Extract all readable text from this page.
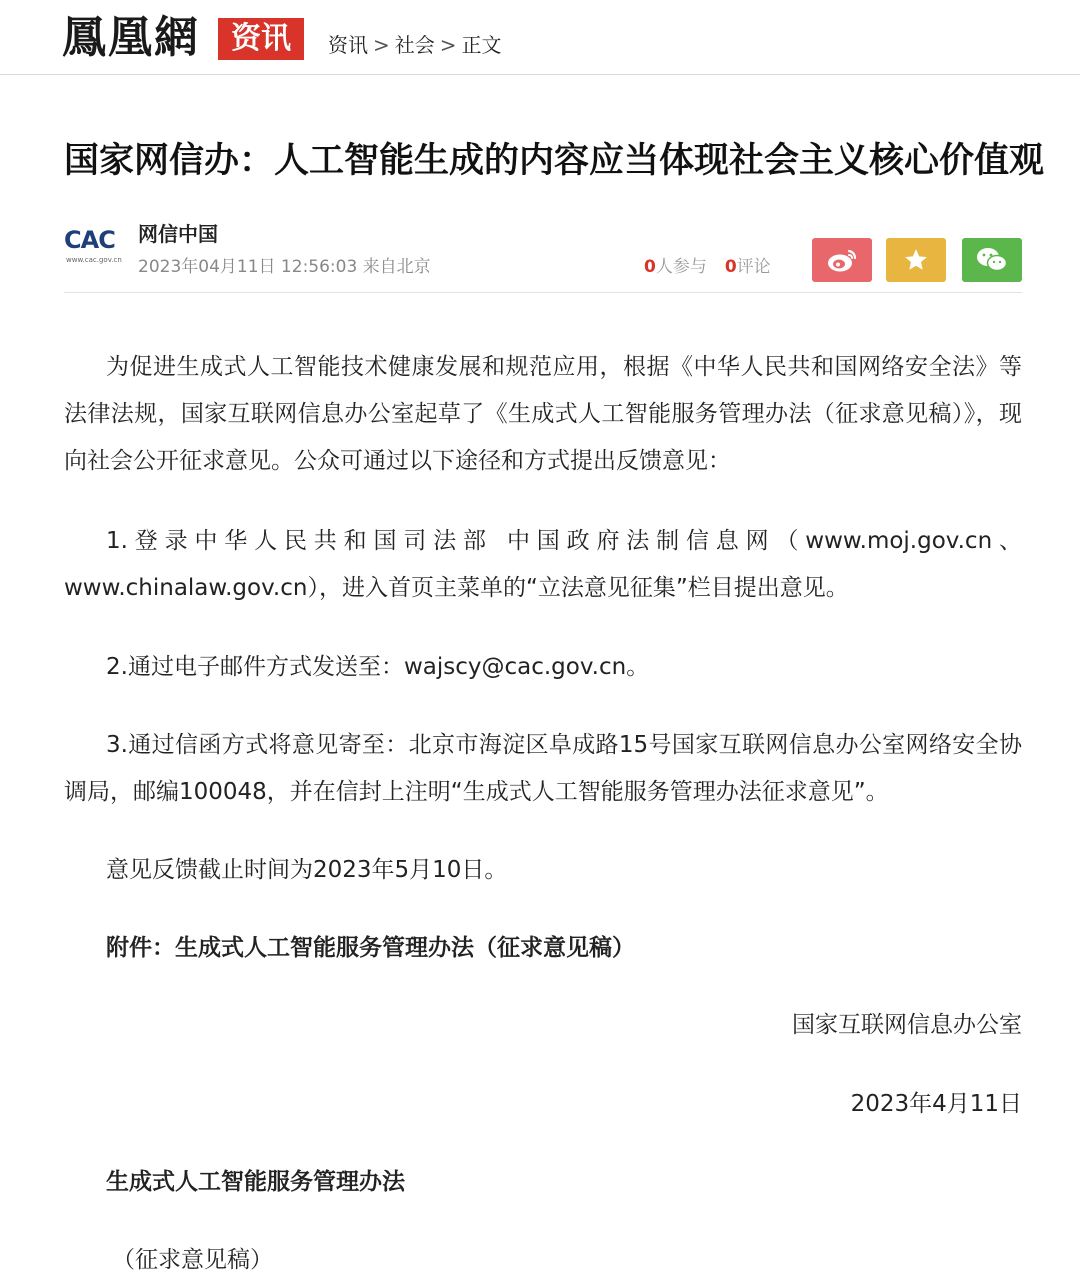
鳳凰網	资讯	资讯 > 社会 > 正文
国家网信办：人工智能生成的内容应当体现社会主义核心价值观
CAC
www.cac.gov.cn
网信中国
2023年04月11日 12:56:03 来自北京	0人参与 0评论

为促进生成式人工智能技术健康发展和规范应用，根据《中华人民共和国网络安全法》等法律法规，国家互联网信息办公室起草了《生成式人工智能服务管理办法（征求意见稿）》，现向社会公开征求意见。公众可通过以下途径和方式提出反馈意见：

1.登录中华人民共和国司法部 中国政府法制信息网（www.moj.gov.cn、www.chinalaw.gov.cn），进入首页主菜单的“立法意见征集”栏目提出意见。

2.通过电子邮件方式发送至：wajscy@cac.gov.cn。

3.通过信函方式将意见寄至：北京市海淀区阜成路15号国家互联网信息办公室网络安全协调局，邮编100048，并在信封上注明“生成式人工智能服务管理办法征求意见”。

意见反馈截止时间为2023年5月10日。

附件：生成式人工智能服务管理办法（征求意见稿）

国家互联网信息办公室

2023年4月11日

生成式人工智能服务管理办法

（征求意见稿）
